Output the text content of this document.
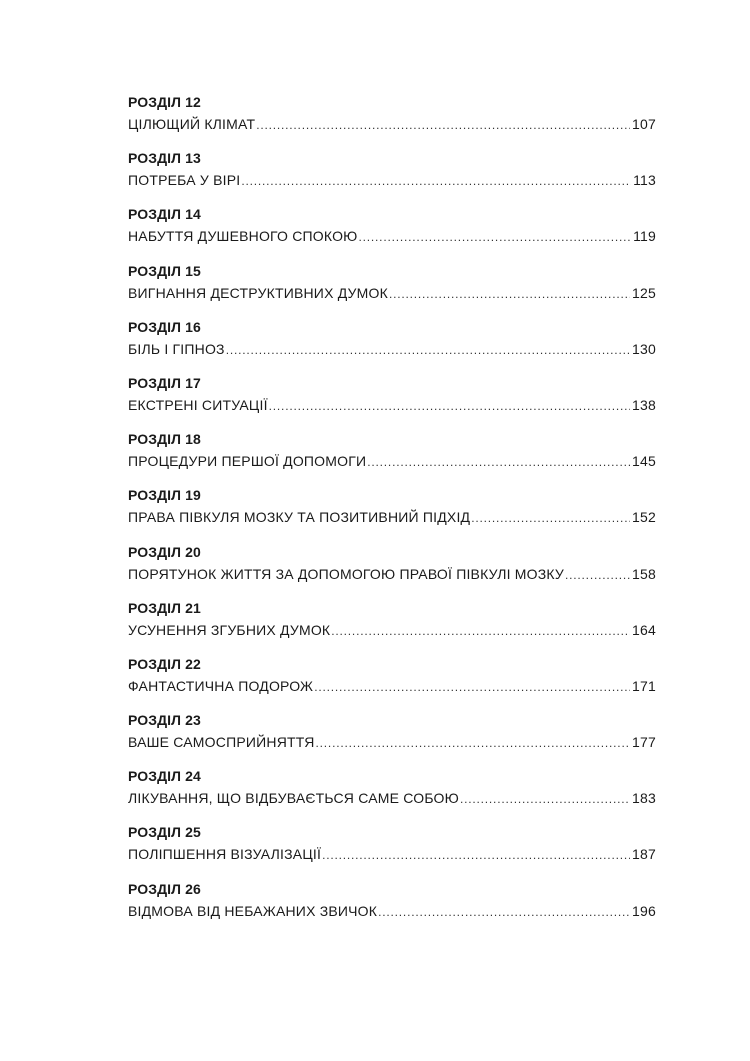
РОЗДІЛ 12
ЦІЛЮЩИЙ КЛІМАТ .....	107
РОЗДІЛ 13
ПОТРЕБА У ВІРІ .....	113
РОЗДІЛ 14
НАБУТТЯ ДУШЕВНОГО СПОКОЮ .....	119
РОЗДІЛ 15
ВИГНАННЯ ДЕСТРУКТИВНИХ ДУМОК .....	125
РОЗДІЛ 16
БІЛЬ І ГІПНОЗ .....	130
РОЗДІЛ 17
ЕКСТРЕНІ СИТУАЦІЇ .....	138
РОЗДІЛ 18
ПРОЦЕДУРИ ПЕРШОЇ ДОПОМОГИ .....	145
РОЗДІЛ 19
ПРАВА ПІВКУЛЯ МОЗКУ ТА ПОЗИТИВНИЙ ПІДХІД .....	152
РОЗДІЛ 20
ПОРЯТУНОК ЖИТТЯ ЗА ДОПОМОГОЮ ПРАВОЇ ПІВКУЛІ МОЗКУ .....	158
РОЗДІЛ 21
УСУНЕННЯ ЗГУБНИХ ДУМОК .....	164
РОЗДІЛ 22
ФАНТАСТИЧНА ПОДОРОЖ .....	171
РОЗДІЛ 23
ВАШЕ САМОСПРИЙНЯТТЯ .....	177
РОЗДІЛ 24
ЛІКУВАННЯ, ЩО ВІДБУВАЄТЬСЯ САМЕ СОБОЮ .....	183
РОЗДІЛ 25
ПОЛІПШЕННЯ ВІЗУАЛІЗАЦІЇ .....	187
РОЗДІЛ 26
ВІДМОВА ВІД НЕБАЖАНИХ ЗВИЧОК .....	196
